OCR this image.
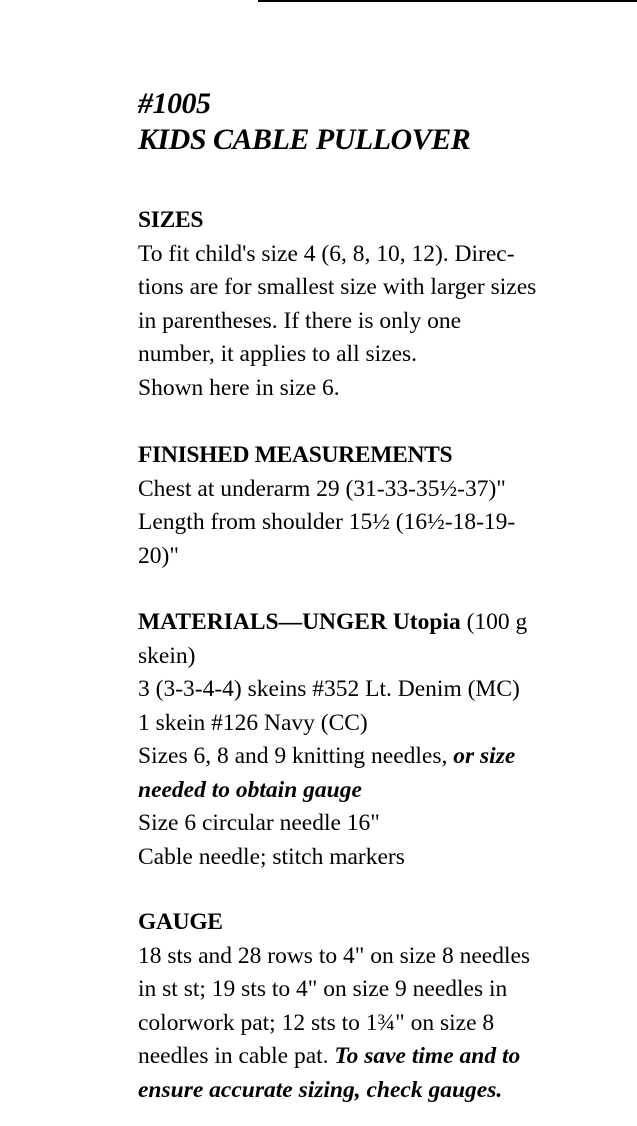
#1005
KIDS CABLE PULLOVER
SIZES
To fit child's size 4 (6, 8, 10, 12). Direc-
tions are for smallest size with larger sizes
in parentheses. If there is only one
number, it applies to all sizes.
Shown here in size 6.
FINISHED MEASUREMENTS
Chest at underarm 29 (31-33-35½-37)"
Length from shoulder 15½ (16½-18-19-
20)"
MATERIALS—UNGER Utopia (100 g
skein)
3 (3-3-4-4) skeins #352 Lt. Denim (MC)
1 skein #126 Navy (CC)
Sizes 6, 8 and 9 knitting needles, or size
needed to obtain gauge
Size 6 circular needle 16"
Cable needle; stitch markers
GAUGE
18 sts and 28 rows to 4" on size 8 needles
in st st; 19 sts to 4" on size 9 needles in
colorwork pat; 12 sts to 1¾" on size 8
needles in cable pat. To save time and to
ensure accurate sizing, check gauges.
